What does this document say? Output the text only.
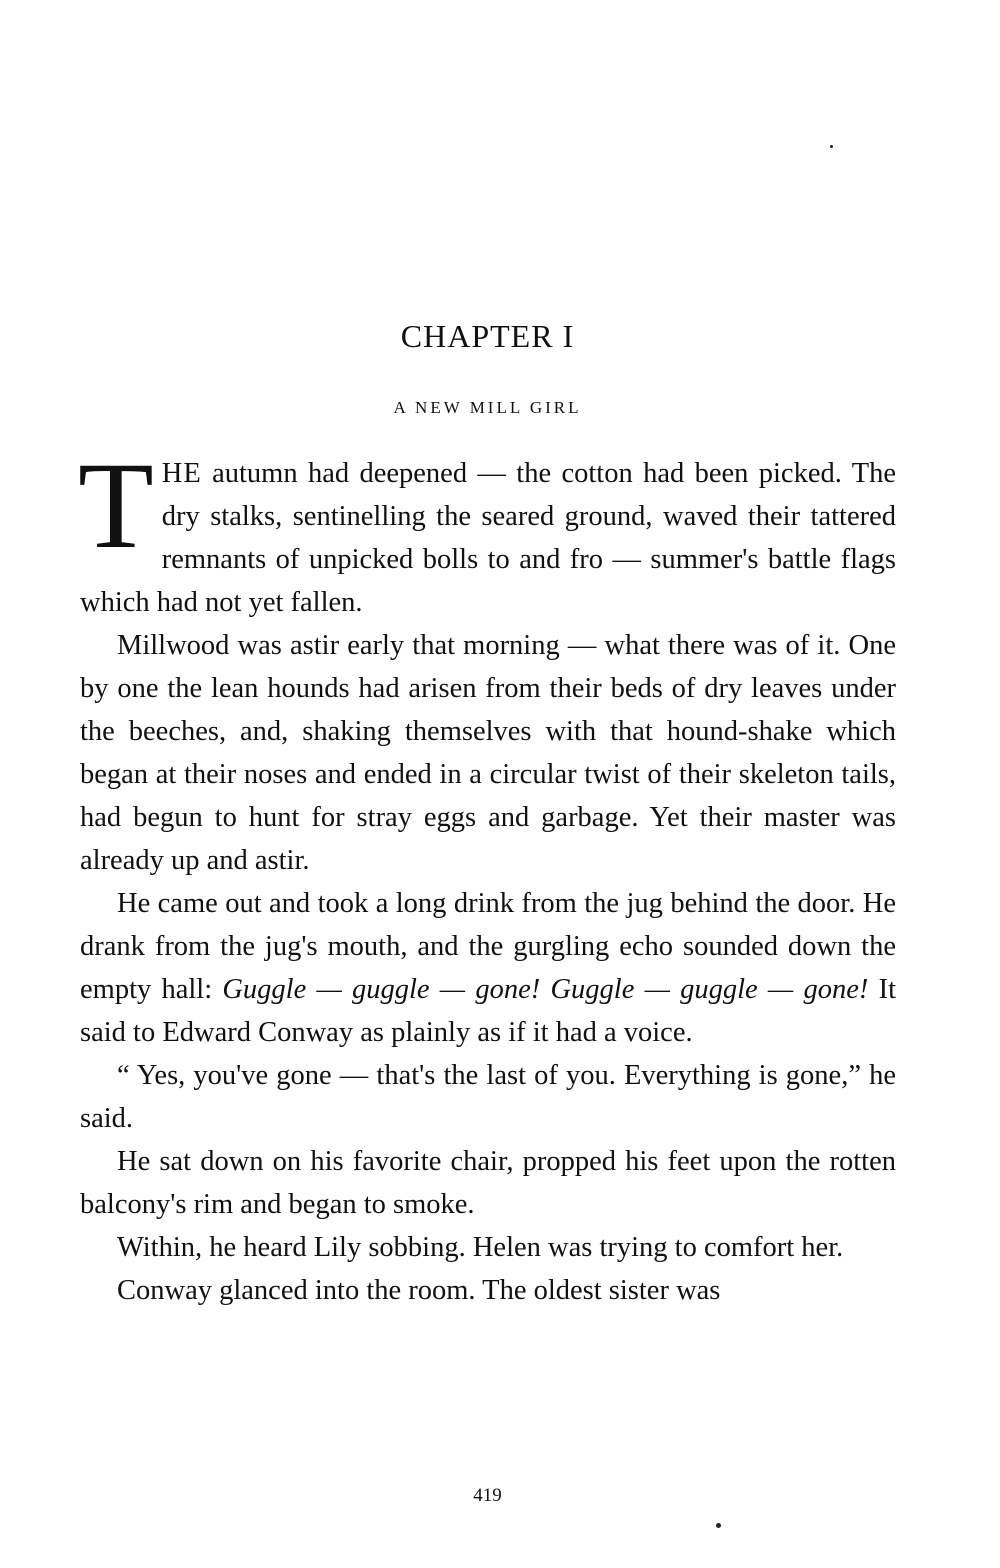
CHAPTER I
A NEW MILL GIRL

THE autumn had deepened — the cotton had been picked. The dry stalks, sentinelling the seared ground, waved their tattered remnants of unpicked bolls to and fro — summer's battle flags which had not yet fallen.

Millwood was astir early that morning — what there was of it. One by one the lean hounds had arisen from their beds of dry leaves under the beeches, and, shaking themselves with that hound-shake which began at their noses and ended in a circular twist of their skeleton tails, had begun to hunt for stray eggs and garbage. Yet their master was already up and astir.

He came out and took a long drink from the jug behind the door. He drank from the jug's mouth, and the gurgling echo sounded down the empty hall: Guggle — guggle — gone! Guggle — guggle — gone! It said to Edward Conway as plainly as if it had a voice.

“ Yes, you've gone — that's the last of you. Everything is gone,” he said.

He sat down on his favorite chair, propped his feet upon the rotten balcony's rim and began to smoke.

Within, he heard Lily sobbing. Helen was trying to comfort her.

Conway glanced into the room. The oldest sister was

419
